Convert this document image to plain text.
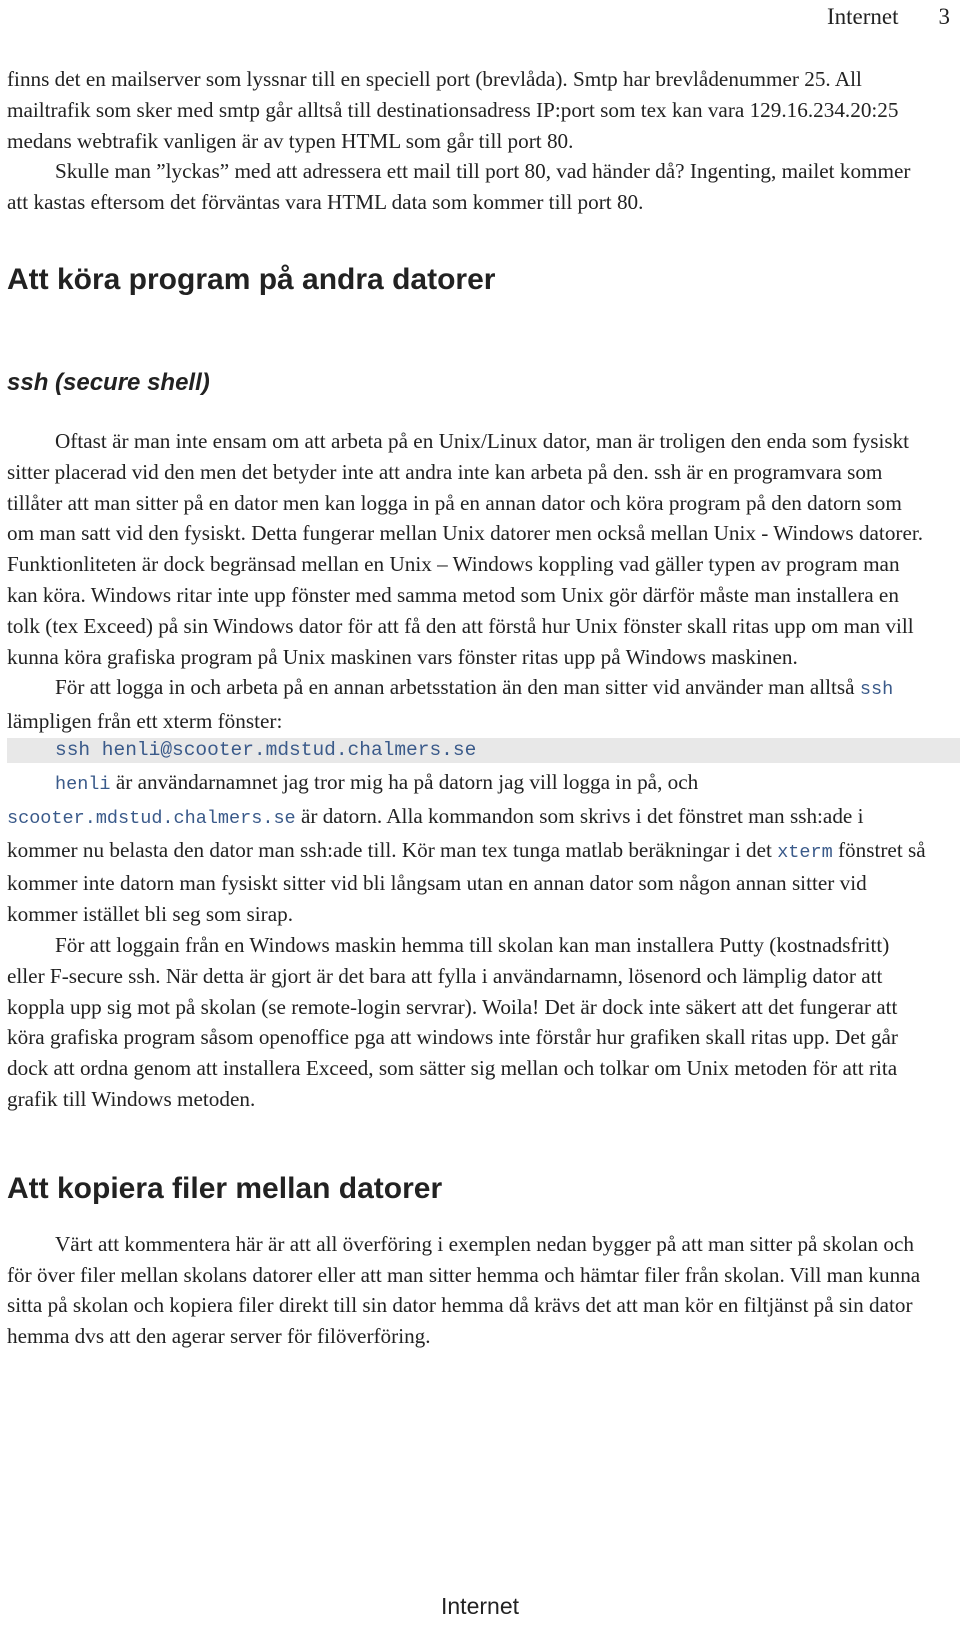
Internet 3

finns det en mailserver som lyssnar till en speciell port (brevlåda). Smtp har brevlådenummer 25. All mailtrafik som sker med smtp går alltså till destinationsadress IP:port som tex kan vara 129.16.234.20:25 medans webtrafik vanligen är av typen HTML som går till port 80.

Skulle man ”lyckas” med att adressera ett mail till port 80, vad händer då? Ingenting, mailet kommer att kastas eftersom det förväntas vara HTML data som kommer till port 80.

Att köra program på andra datorer
ssh (secure shell)

Oftast är man inte ensam om att arbeta på en Unix/Linux dator, man är troligen den enda som fysiskt sitter placerad vid den men det betyder inte att andra inte kan arbeta på den. ssh är en programvara som tillåter att man sitter på en dator men kan logga in på en annan dator och köra program på den datorn som om man satt vid den fysiskt. Detta fungerar mellan Unix datorer men också mellan Unix - Windows datorer. Funktionliteten är dock begränsad mellan en Unix – Windows koppling vad gäller typen av program man kan köra. Windows ritar inte upp fönster med samma metod som Unix gör därför måste man installera en tolk (tex Exceed) på sin Windows dator för att få den att förstå hur Unix fönster skall ritas upp om man vill kunna köra grafiska program på Unix maskinen vars fönster ritas upp på Windows maskinen.

För att logga in och arbeta på en annan arbetsstation än den man sitter vid använder man alltså ssh lämpligen från ett xterm fönster:

ssh henli@scooter.mdstud.chalmers.se

henli är användarnamnet jag tror mig ha på datorn jag vill logga in på, och scooter.mdstud.chalmers.se är datorn. Alla kommandon som skrivs i det fönstret man ssh:ade i kommer nu belasta den dator man ssh:ade till. Kör man tex tunga matlab beräkningar i det xterm fönstret så kommer inte datorn man fysiskt sitter vid bli långsam utan en annan dator som någon annan sitter vid kommer istället bli seg som sirap.

För att loggain från en Windows maskin hemma till skolan kan man installera Putty (kostnadsfritt) eller F-secure ssh. När detta är gjort är det bara att fylla i användarnamn, lösenord och lämplig dator att koppla upp sig mot på skolan (se remote-login servrar). Woila! Det är dock inte säkert att det fungerar att köra grafiska program såsom openoffice pga att windows inte förstår hur grafiken skall ritas upp. Det går dock att ordna genom att installera Exceed, som sätter sig mellan och tolkar om Unix metoden för att rita grafik till Windows metoden.

Att kopiera filer mellan datorer

Värt att kommentera här är att all överföring i exemplen nedan bygger på att man sitter på skolan och för över filer mellan skolans datorer eller att man sitter hemma och hämtar filer från skolan. Vill man kunna sitta på skolan och kopiera filer direkt till sin dator hemma då krävs det att man kör en filtjänst på sin dator hemma dvs att den agerar server för filöverföring.

Internet
